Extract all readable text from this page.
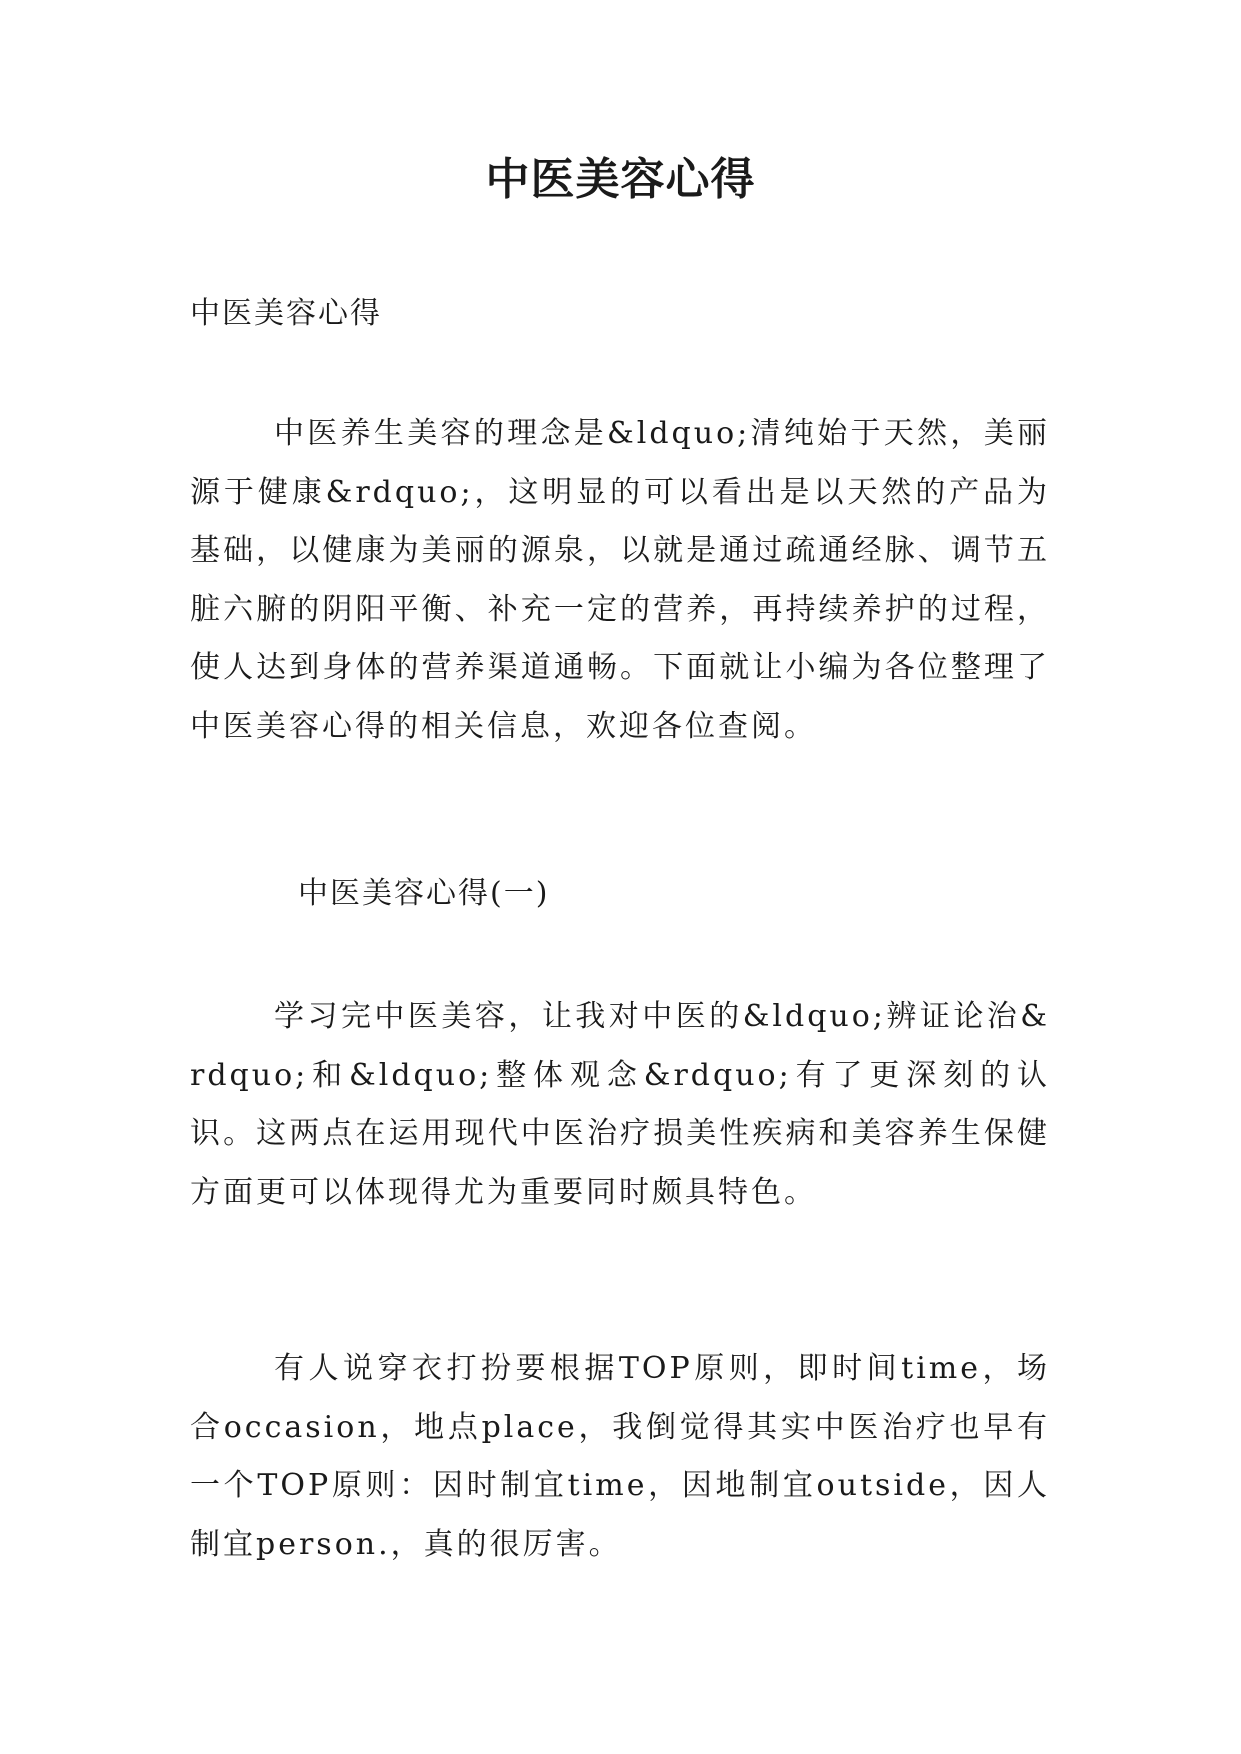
中医美容心得

中医美容心得

中医养生美容的理念是&ldquo;清纯始于天然，美丽源于健康&rdquo;，这明显的可以看出是以天然的产品为基础，以健康为美丽的源泉，以就是通过疏通经脉、调节五脏六腑的阴阳平衡、补充一定的营养，再持续养护的过程，使人达到身体的营养渠道通畅。下面就让小编为各位整理了中医美容心得的相关信息，欢迎各位查阅。

中医美容心得(一)

学习完中医美容，让我对中医的&ldquo;辨证论治&rdquo;和&ldquo;整体观念&rdquo;有了更深刻的认识。这两点在运用现代中医治疗损美性疾病和美容养生保健方面更可以体现得尤为重要同时颇具特色。

有人说穿衣打扮要根据TOP原则，即时间time，场合occasion，地点place，我倒觉得其实中医治疗也早有一个TOP原则：因时制宜time，因地制宜outside，因人制宜person.，真的很厉害。
